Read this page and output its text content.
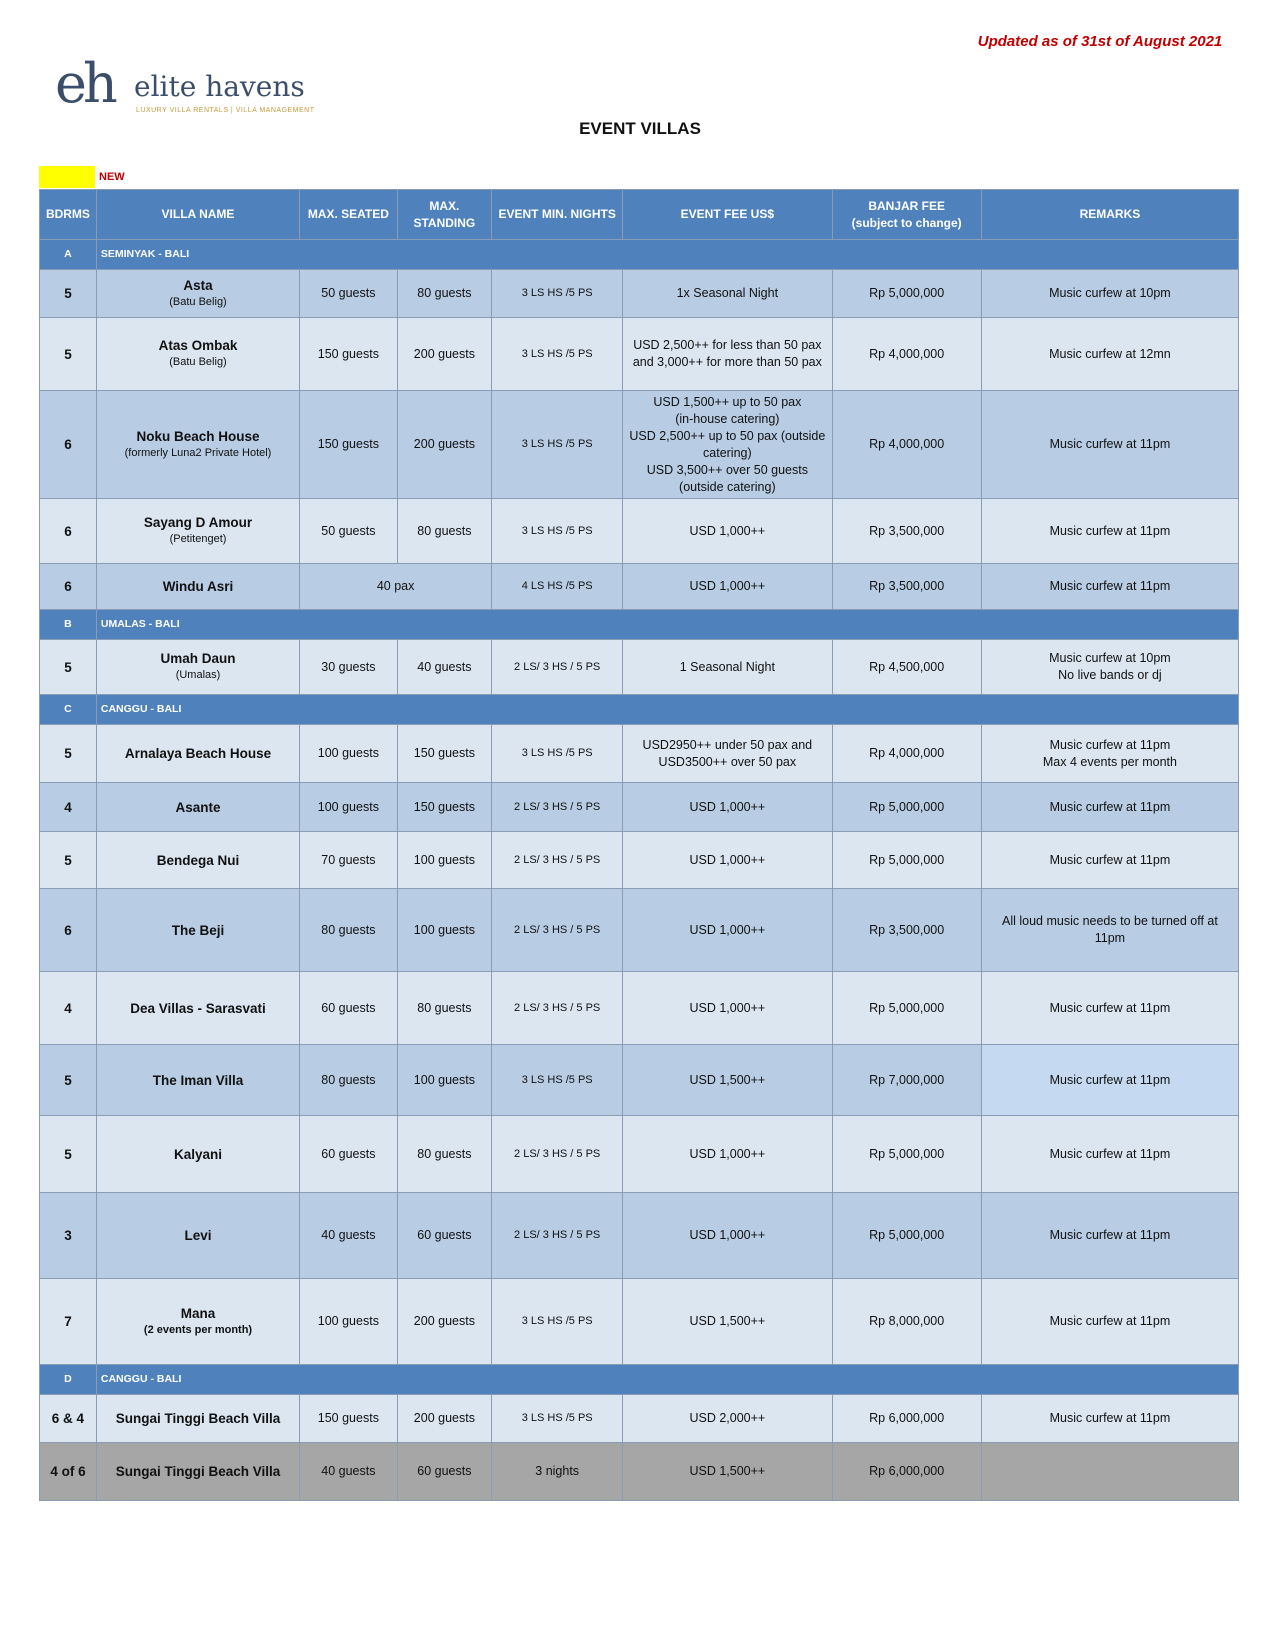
Updated as of 31st of August 2021
eh elite havens
LUXURY VILLA RENTALS | VILLA MANAGEMENT
EVENT VILLAS
NEW
BDRMS	VILLA NAME	MAX. SEATED	MAX. STANDING	EVENT MIN. NIGHTS	EVENT FEE US$	BANJAR FEE
(subject to change)	REMARKS
A	SEMINYAK - BALI						
5	Asta
(Batu Belig)	50 guests	80 guests	3 LS HS /5 PS	1x Seasonal Night	Rp 5,000,000	Music curfew at 10pm
5	Atas Ombak
(Batu Belig)	150 guests	200 guests	3 LS HS /5 PS	USD 2,500++ for less than 50 pax and 3,000++ for more than 50 pax	Rp 4,000,000	Music curfew at 12mn
6	Noku Beach House
(formerly Luna2 Private Hotel)	150 guests	200 guests	3 LS HS /5 PS	USD 1,500++ up to 50 pax
(in-house catering)
USD 2,500++ up to 50 pax (outside catering)
USD 3,500++ over 50 guests
(outside catering)	Rp 4,000,000	Music curfew at 11pm
6	Sayang D Amour
(Petitenget)	50 guests	80 guests	3 LS HS /5 PS	USD 1,000++	Rp 3,500,000	Music curfew at 11pm
6	Windu Asri	40 pax		4 LS HS /5 PS	USD 1,000++	Rp 3,500,000	Music curfew at 11pm
B	UMALAS - BALI						
5	Umah Daun
(Umalas)	30 guests	40 guests	2 LS/ 3 HS / 5 PS	1 Seasonal Night	Rp 4,500,000	Music curfew at 10pm
No live bands or dj
C	CANGGU - BALI						
5	Arnalaya Beach House	100 guests	150 guests	3 LS HS /5 PS	USD2950++ under 50 pax and USD3500++ over 50 pax	Rp 4,000,000	Music curfew at 11pm
Max 4 events per month
4	Asante	100 guests	150 guests	2 LS/ 3 HS / 5 PS	USD 1,000++	Rp 5,000,000	Music curfew at 11pm
5	Bendega Nui	70 guests	100 guests	2 LS/ 3 HS / 5 PS	USD 1,000++	Rp 5,000,000	Music curfew at 11pm
6	The Beji	80 guests	100 guests	2 LS/ 3 HS / 5 PS	USD 1,000++	Rp 3,500,000	All loud music needs to be turned off at 11pm
4	Dea Villas - Sarasvati	60 guests	80 guests	2 LS/ 3 HS / 5 PS	USD 1,000++	Rp 5,000,000	Music curfew at 11pm
5	The Iman Villa	80 guests	100 guests	3 LS HS /5 PS	USD 1,500++	Rp 7,000,000	Music curfew at 11pm
5	Kalyani	60 guests	80 guests	2 LS/ 3 HS / 5 PS	USD 1,000++	Rp 5,000,000	Music curfew at 11pm
3	Levi	40 guests	60 guests	2 LS/ 3 HS / 5 PS	USD 1,000++	Rp 5,000,000	Music curfew at 11pm
7	Mana
(2 events per month)	100 guests	200 guests	3 LS HS /5 PS	USD 1,500++	Rp 8,000,000	Music curfew at 11pm
D	CANGGU - BALI						
6 & 4	Sungai Tinggi Beach Villa	150 guests	200 guests	3 LS HS /5 PS	USD 2,000++	Rp 6,000,000	Music curfew at 11pm
4 of 6	Sungai Tinggi Beach Villa	40 guests	60 guests	3 nights	USD 1,500++	Rp 6,000,000	
